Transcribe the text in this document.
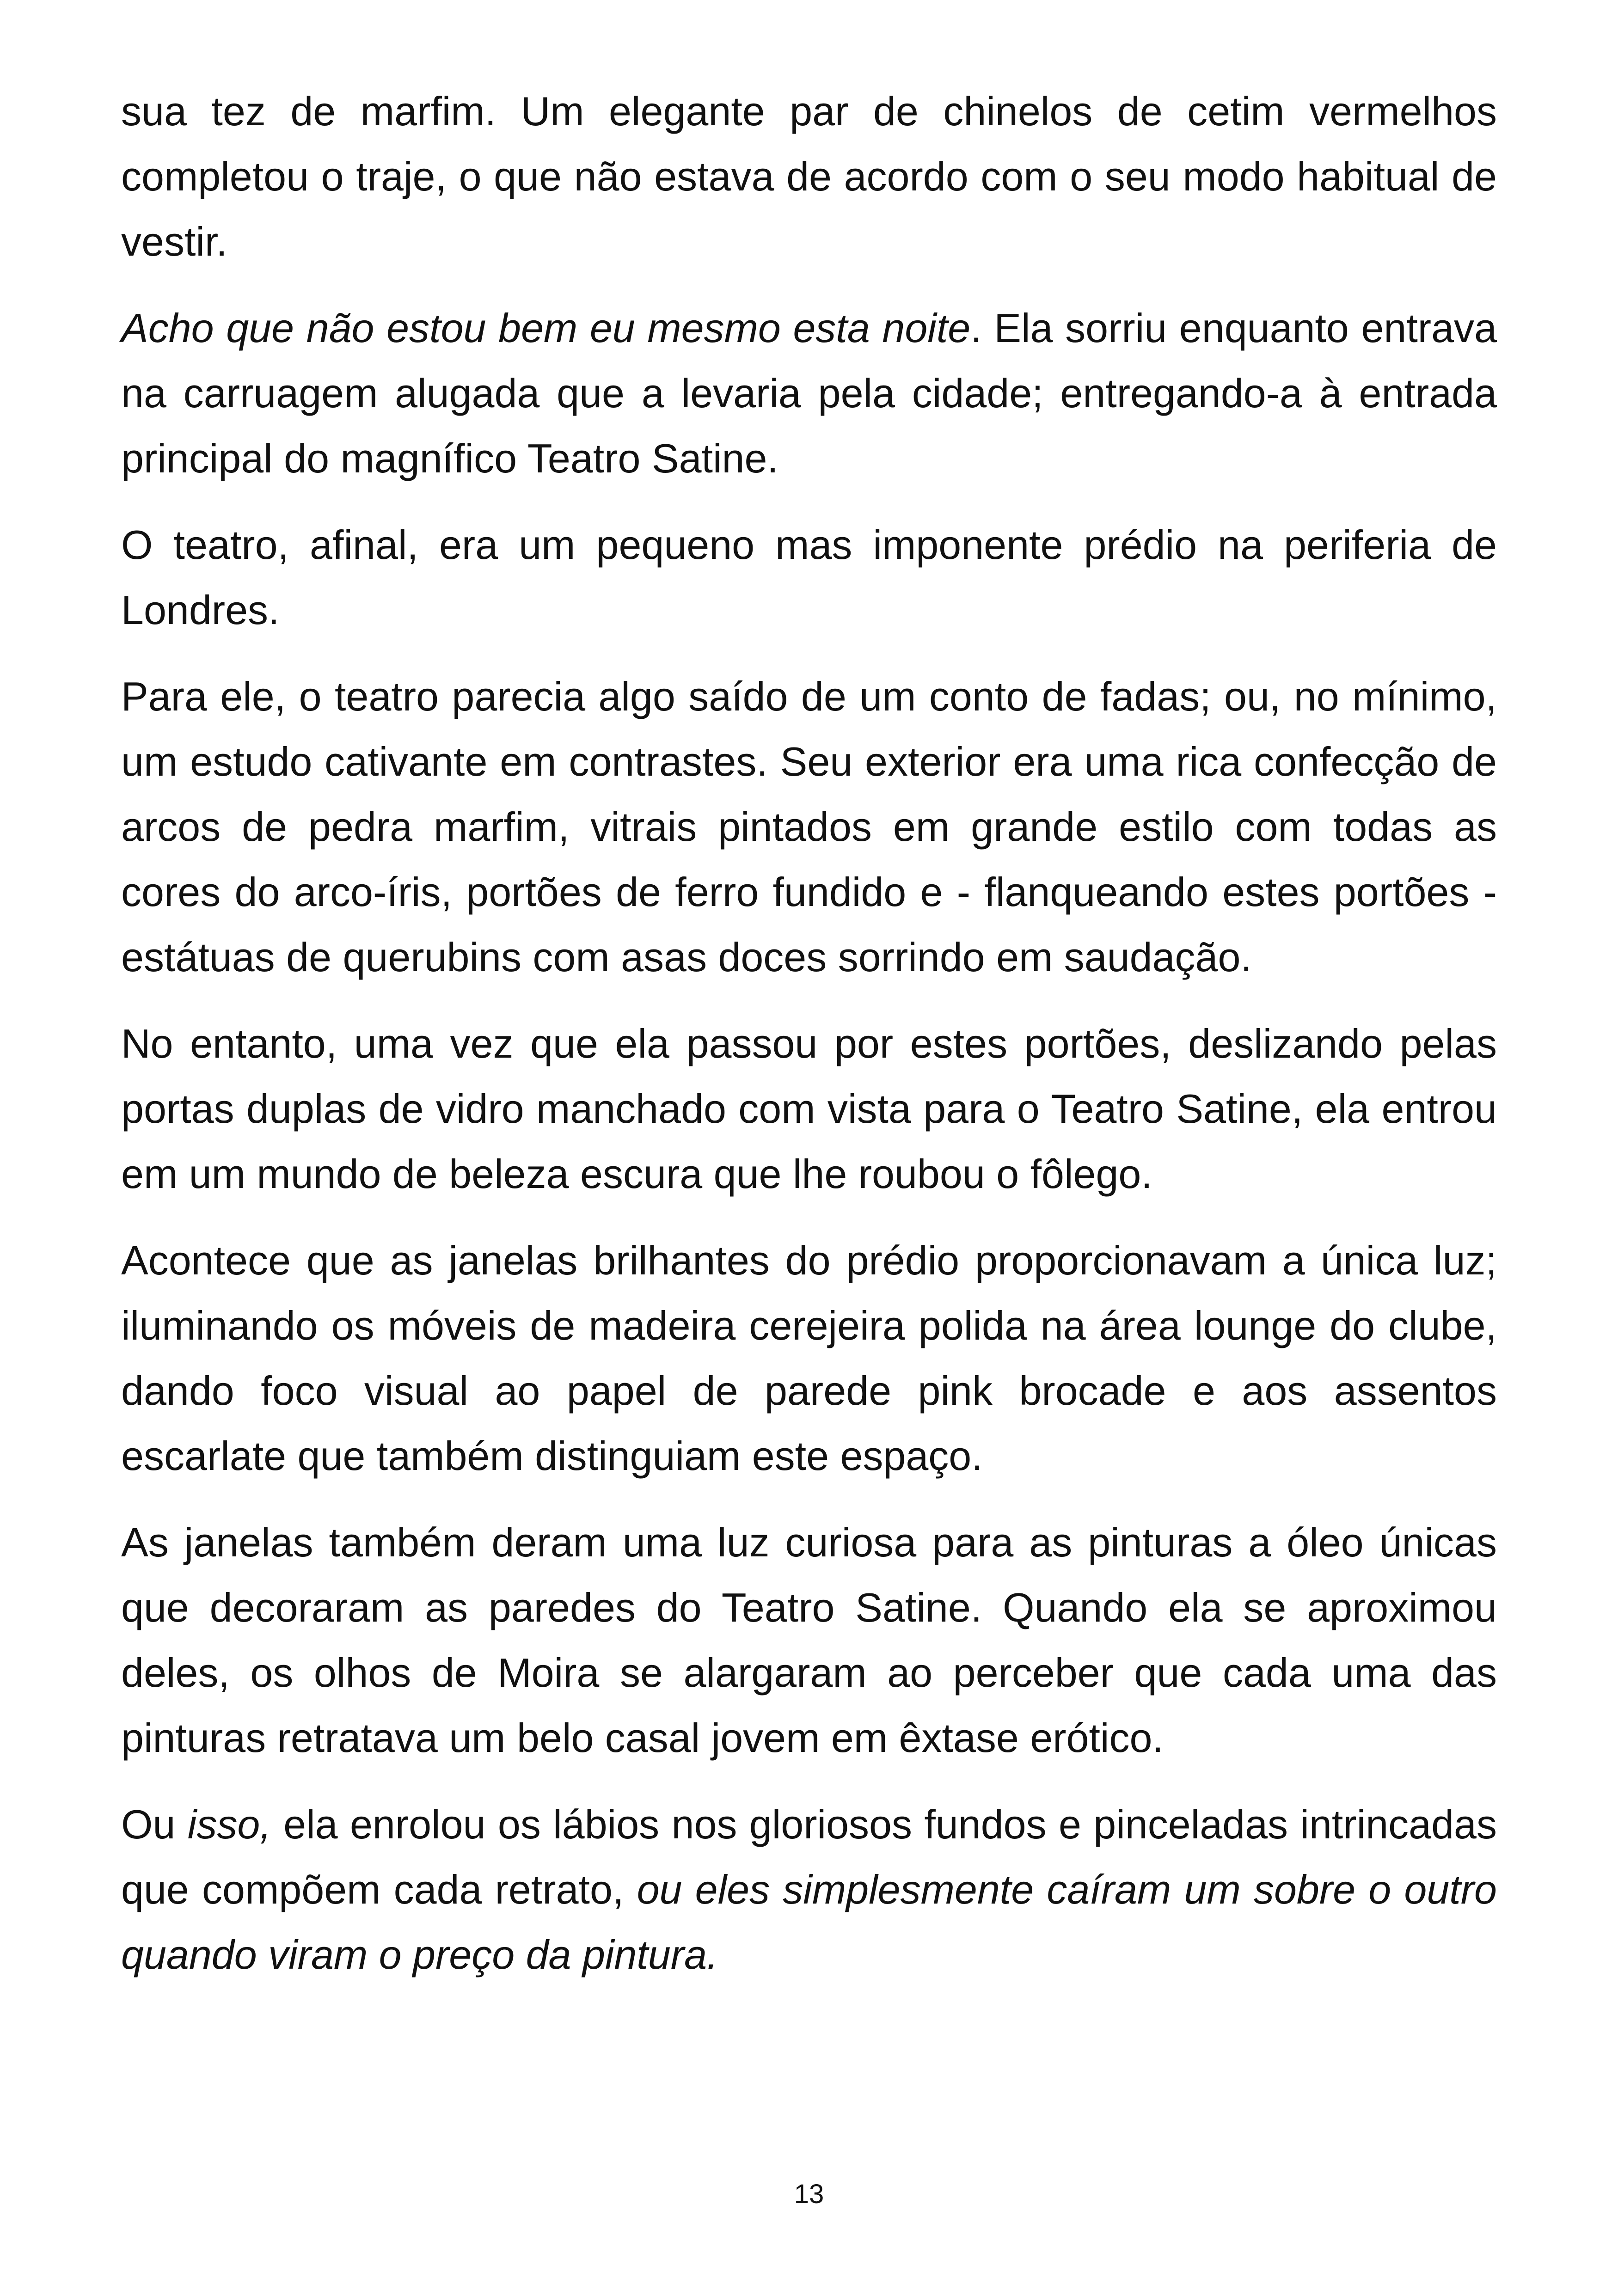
sua tez de marfim. Um elegante par de chinelos de cetim vermelhos completou o traje, o que não estava de acordo com o seu modo habitual de vestir.

Acho que não estou bem eu mesmo esta noite. Ela sorriu enquanto entrava na carruagem alugada que a levaria pela cidade; entregando-a à entrada principal do magnífico Teatro Satine.

O teatro, afinal, era um pequeno mas imponente prédio na periferia de Londres.

Para ele, o teatro parecia algo saído de um conto de fadas; ou, no mínimo, um estudo cativante em contrastes. Seu exterior era uma rica confecção de arcos de pedra marfim, vitrais pintados em grande estilo com todas as cores do arco-íris, portões de ferro fundido e - flanqueando estes portões - estátuas de querubins com asas doces sorrindo em saudação.

No entanto, uma vez que ela passou por estes portões, deslizando pelas portas duplas de vidro manchado com vista para o Teatro Satine, ela entrou em um mundo de beleza escura que lhe roubou o fôlego.

Acontece que as janelas brilhantes do prédio proporcionavam a única luz; iluminando os móveis de madeira cerejeira polida na área lounge do clube, dando foco visual ao papel de parede pink brocade e aos assentos escarlate que também distinguiam este espaço.

As janelas também deram uma luz curiosa para as pinturas a óleo únicas que decoraram as paredes do Teatro Satine. Quando ela se aproximou deles, os olhos de Moira se alargaram ao perceber que cada uma das pinturas retratava um belo casal jovem em êxtase erótico.

Ou isso, ela enrolou os lábios nos gloriosos fundos e pinceladas intrincadas que compõem cada retrato, ou eles simplesmente caíram um sobre o outro quando viram o preço da pintura.

13
